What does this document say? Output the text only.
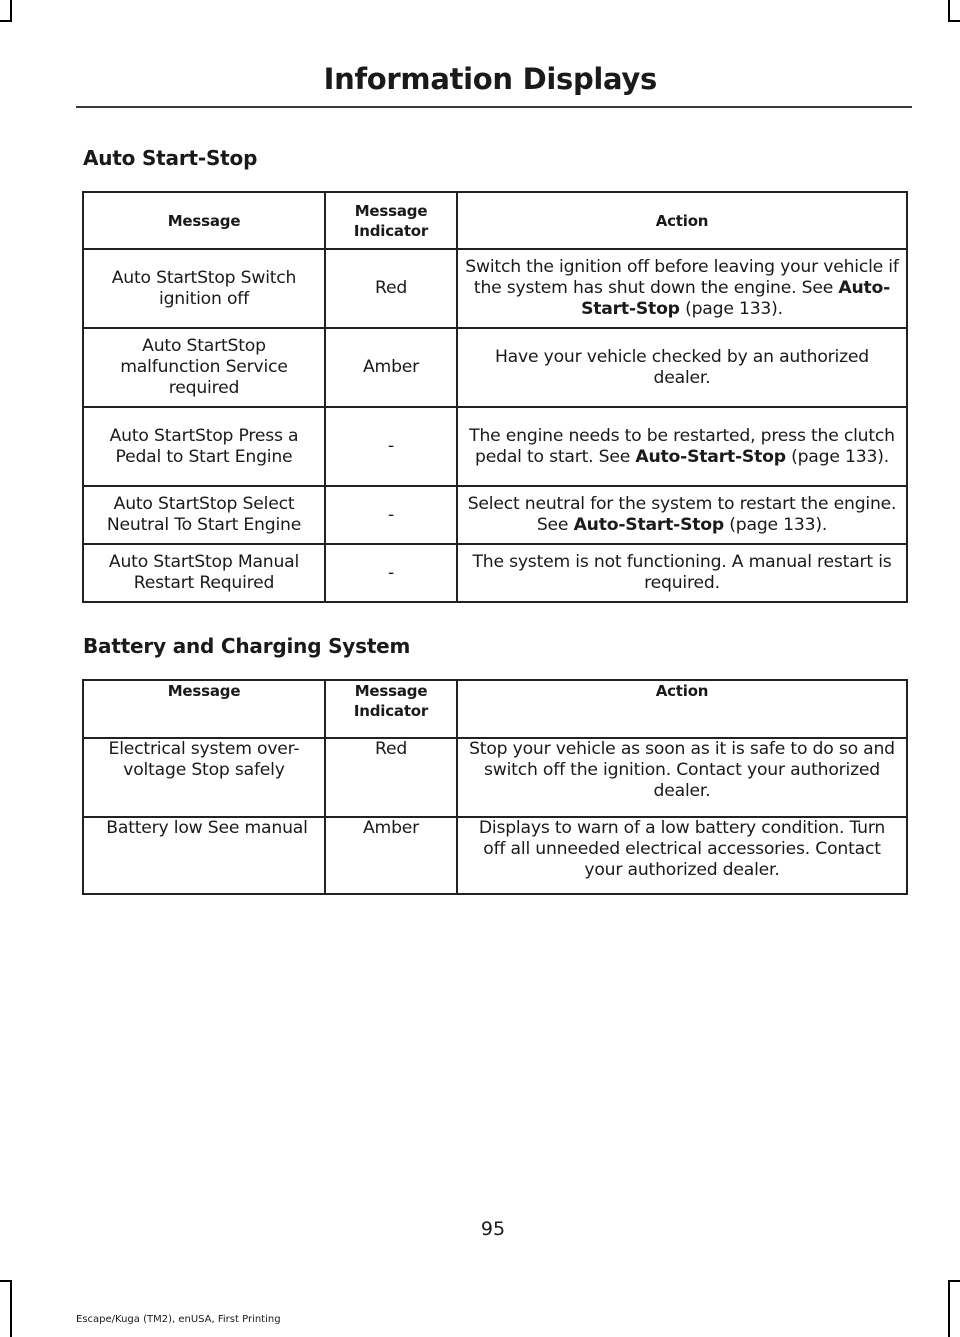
Information Displays
Auto Start-Stop
Message	Message Indicator	Action

Auto StartStop Switch ignition off	Red	Switch the ignition off before leaving your vehicle if the system has shut down the engine. See Auto-Start-Stop (page 133).

Auto StartStop malfunction Service required	Amber	Have your vehicle checked by an authorized dealer.

Auto StartStop Press a Pedal to Start Engine	-	The engine needs to be restarted, press the clutch pedal to start. See Auto-Start-Stop (page 133).

Auto StartStop Select Neutral To Start Engine	-	Select neutral for the system to restart the engine. See Auto-Start-Stop (page 133).

Auto StartStop Manual Restart Required	-	The system is not functioning. A manual restart is required.
Battery and Charging System
Message	Message Indicator	Action

Electrical system over-voltage Stop safely	Red	Stop your vehicle as soon as it is safe to do so and switch off the ignition. Contact your authorized dealer.

Battery low See manual	Amber	Displays to warn of a low battery condition. Turn off all unneeded electrical accessories. Contact your authorized dealer.
95
Escape/Kuga (TM2), enUSA, First Printing
